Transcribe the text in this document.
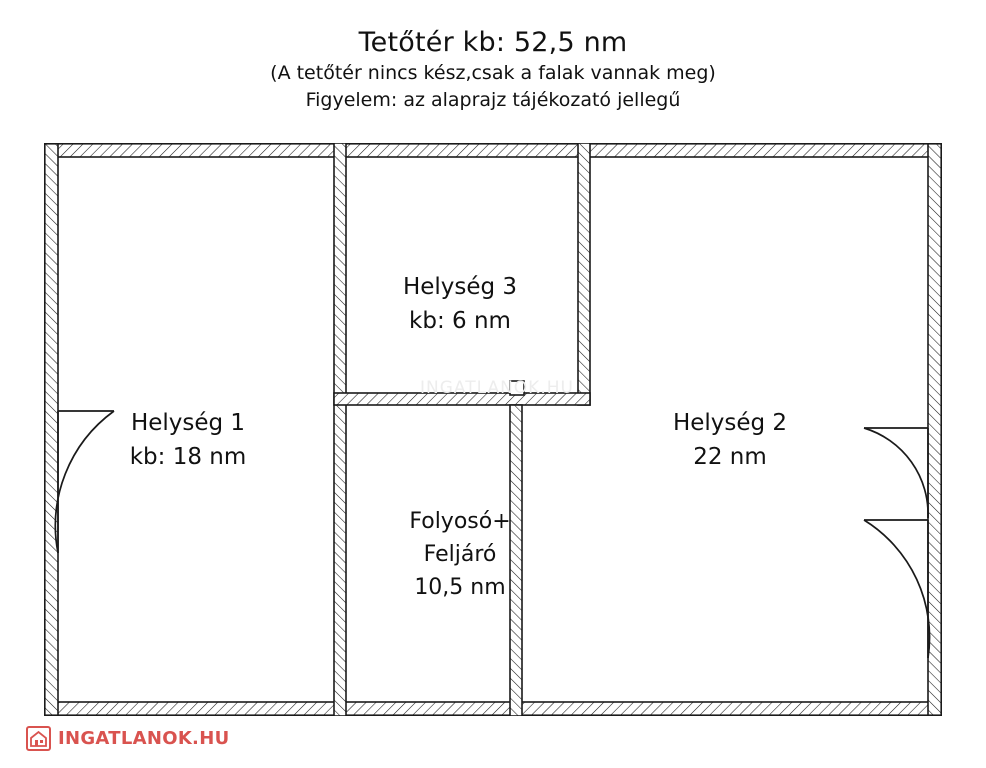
Tetőtér kb: 52,5 nm
(A tetőtér nincs kész,csak a falak vannak meg)
Figyelem: az alaprajz tájékozató jellegű
Helység 1
kb: 18 nm
Helység 3
kb: 6 nm
Helység 2
22 nm
Folyosó+
Feljáró
10,5 nm
INGATLANOK.HU
INGATLANOK.HU
